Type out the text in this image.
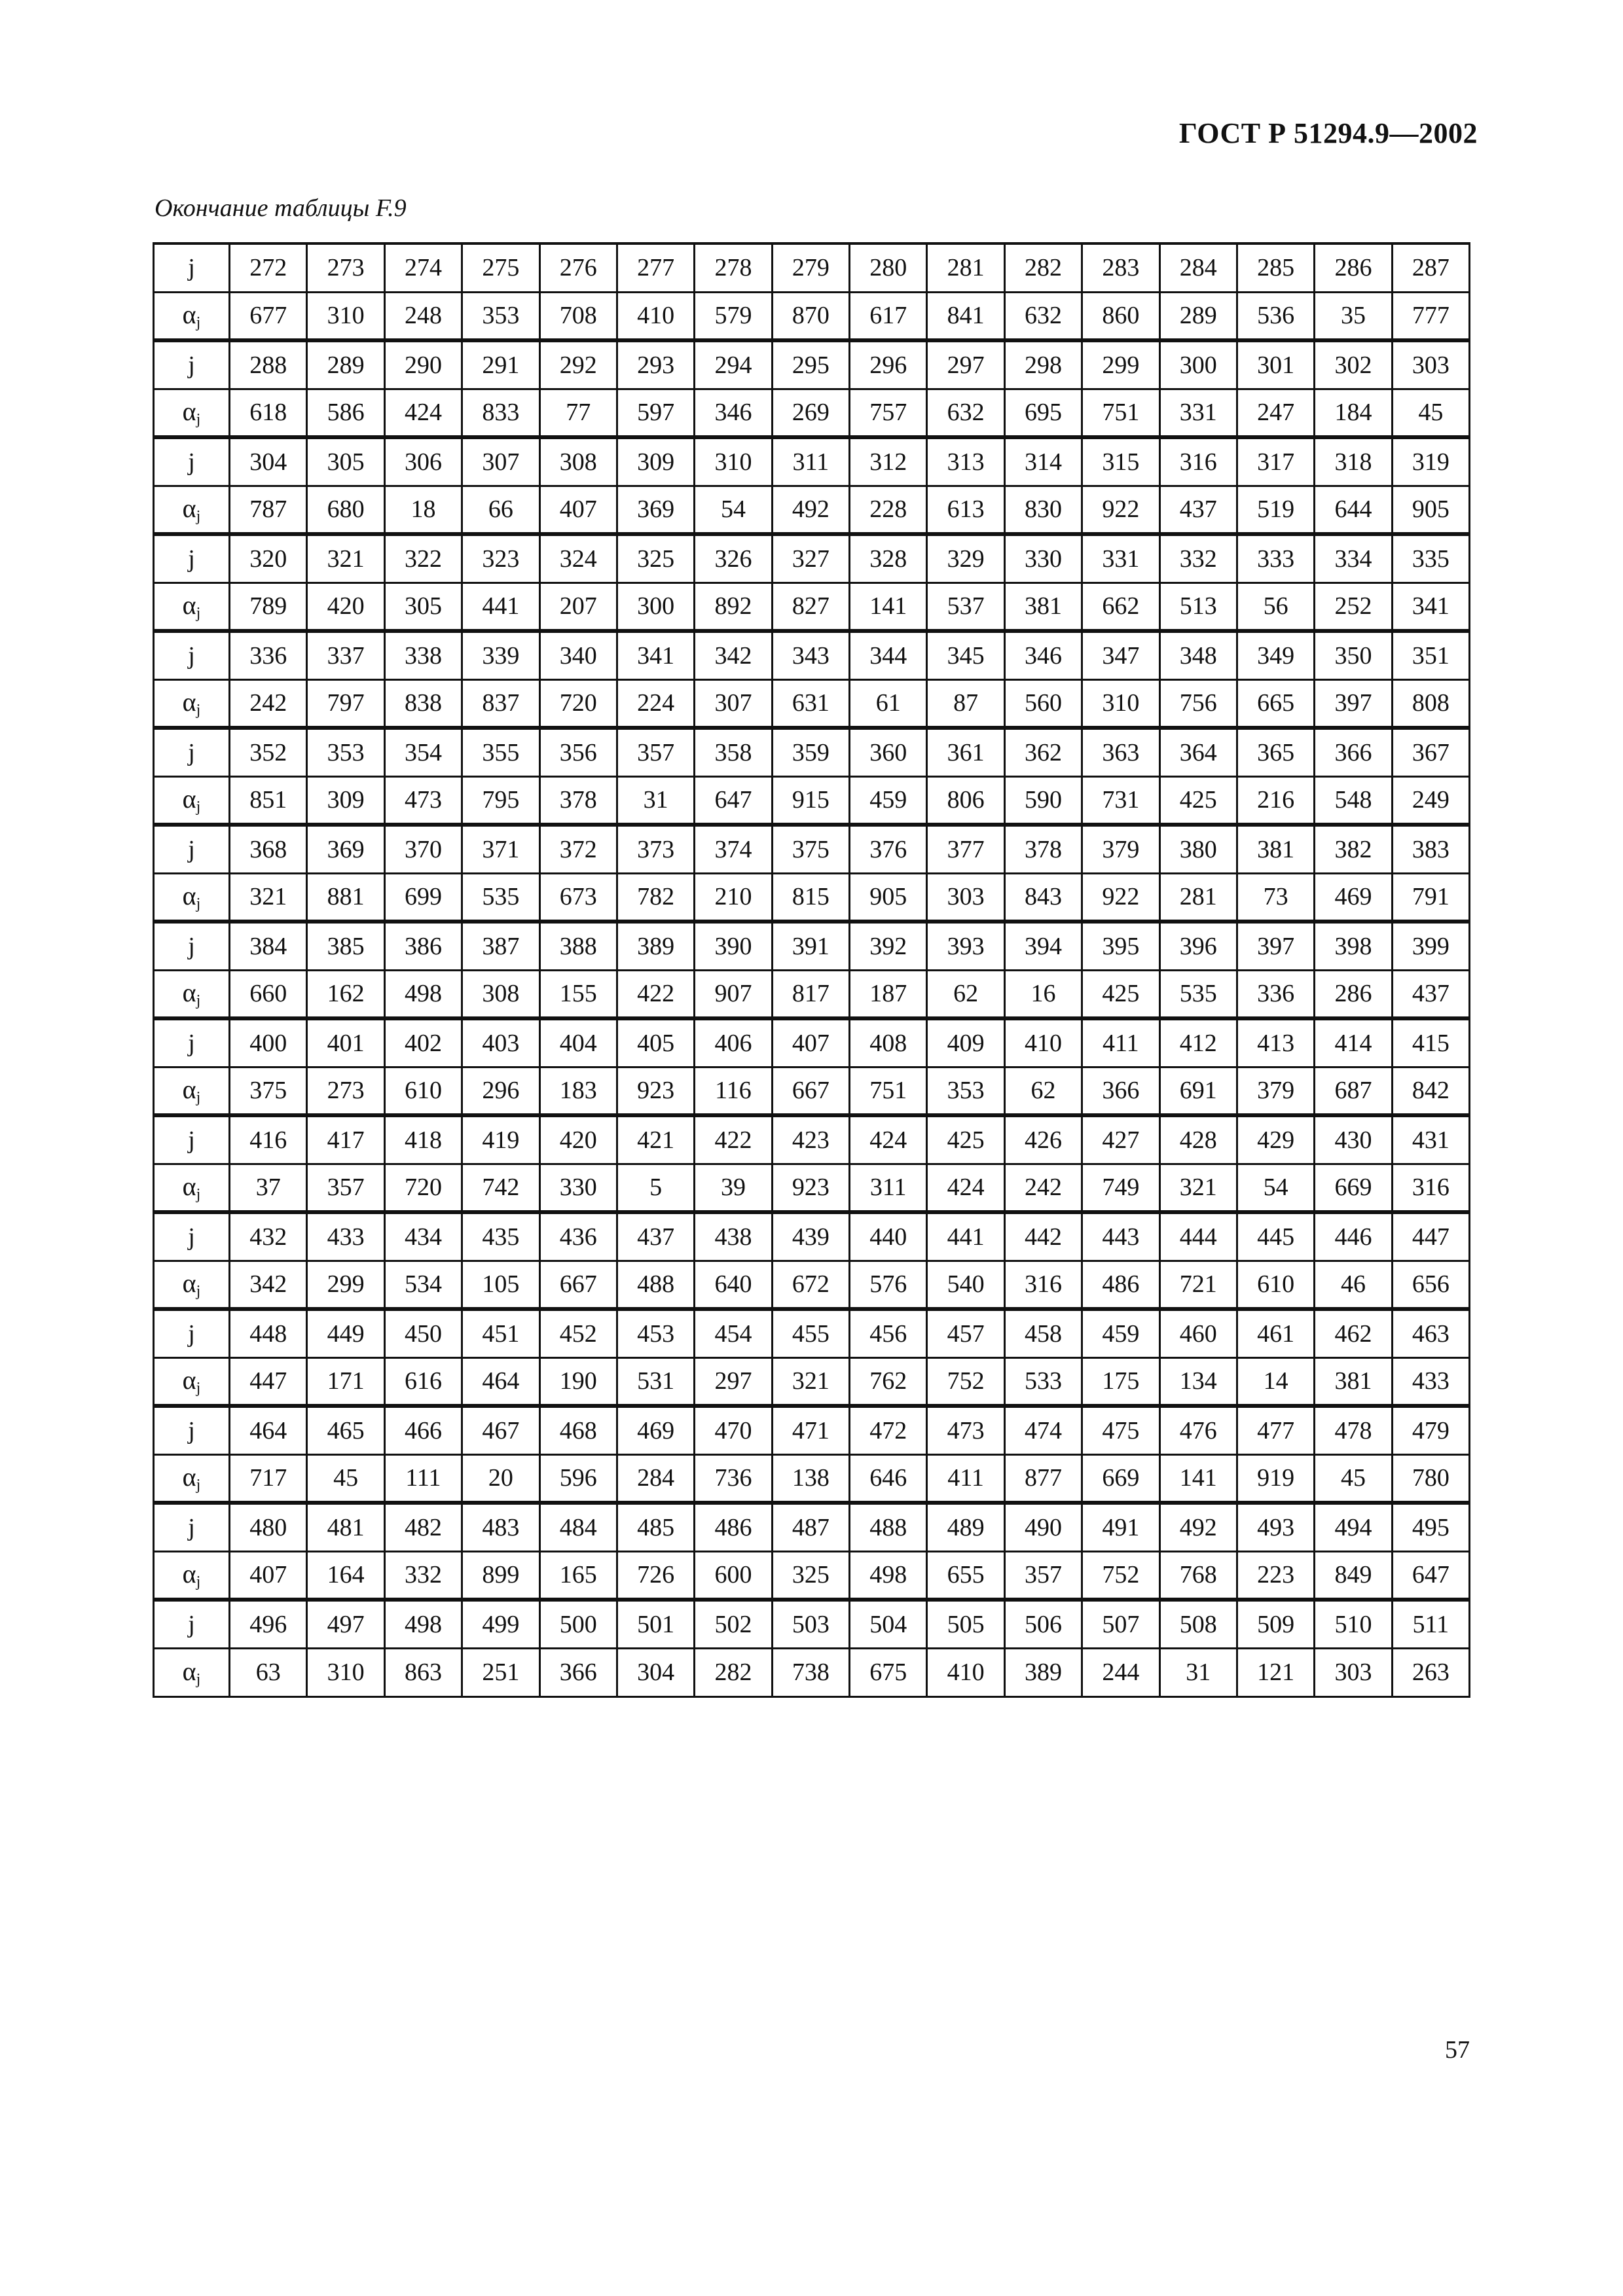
ГОСТ Р 51294.9—2002
Окончание таблицы F.9
j	272	273	274	275	276	277	278	279	280	281	282	283	284	285	286	287
$\alpha_j$	677	310	248	353	708	410	579	870	617	841	632	860	289	536	35	777
j	288	289	290	291	292	293	294	295	296	297	298	299	300	301	302	303
$\alpha_j$	618	586	424	833	77	597	346	269	757	632	695	751	331	247	184	45
j	304	305	306	307	308	309	310	311	312	313	314	315	316	317	318	319
$\alpha_j$	787	680	18	66	407	369	54	492	228	613	830	922	437	519	644	905
j	320	321	322	323	324	325	326	327	328	329	330	331	332	333	334	335
$\alpha_j$	789	420	305	441	207	300	892	827	141	537	381	662	513	56	252	341
j	336	337	338	339	340	341	342	343	344	345	346	347	348	349	350	351
$\alpha_j$	242	797	838	837	720	224	307	631	61	87	560	310	756	665	397	808
j	352	353	354	355	356	357	358	359	360	361	362	363	364	365	366	367
$\alpha_j$	851	309	473	795	378	31	647	915	459	806	590	731	425	216	548	249
j	368	369	370	371	372	373	374	375	376	377	378	379	380	381	382	383
$\alpha_j$	321	881	699	535	673	782	210	815	905	303	843	922	281	73	469	791
j	384	385	386	387	388	389	390	391	392	393	394	395	396	397	398	399
$\alpha_j$	660	162	498	308	155	422	907	817	187	62	16	425	535	336	286	437
j	400	401	402	403	404	405	406	407	408	409	410	411	412	413	414	415
$\alpha_j$	375	273	610	296	183	923	116	667	751	353	62	366	691	379	687	842
j	416	417	418	419	420	421	422	423	424	425	426	427	428	429	430	431
$\alpha_j$	37	357	720	742	330	5	39	923	311	424	242	749	321	54	669	316
j	432	433	434	435	436	437	438	439	440	441	442	443	444	445	446	447
$\alpha_j$	342	299	534	105	667	488	640	672	576	540	316	486	721	610	46	656
j	448	449	450	451	452	453	454	455	456	457	458	459	460	461	462	463
$\alpha_j$	447	171	616	464	190	531	297	321	762	752	533	175	134	14	381	433
j	464	465	466	467	468	469	470	471	472	473	474	475	476	477	478	479
$\alpha_j$	717	45	111	20	596	284	736	138	646	411	877	669	141	919	45	780
j	480	481	482	483	484	485	486	487	488	489	490	491	492	493	494	495
$\alpha_j$	407	164	332	899	165	726	600	325	498	655	357	752	768	223	849	647
j	496	497	498	499	500	501	502	503	504	505	506	507	508	509	510	511
$\alpha_j$	63	310	863	251	366	304	282	738	675	410	389	244	31	121	303	263
57
